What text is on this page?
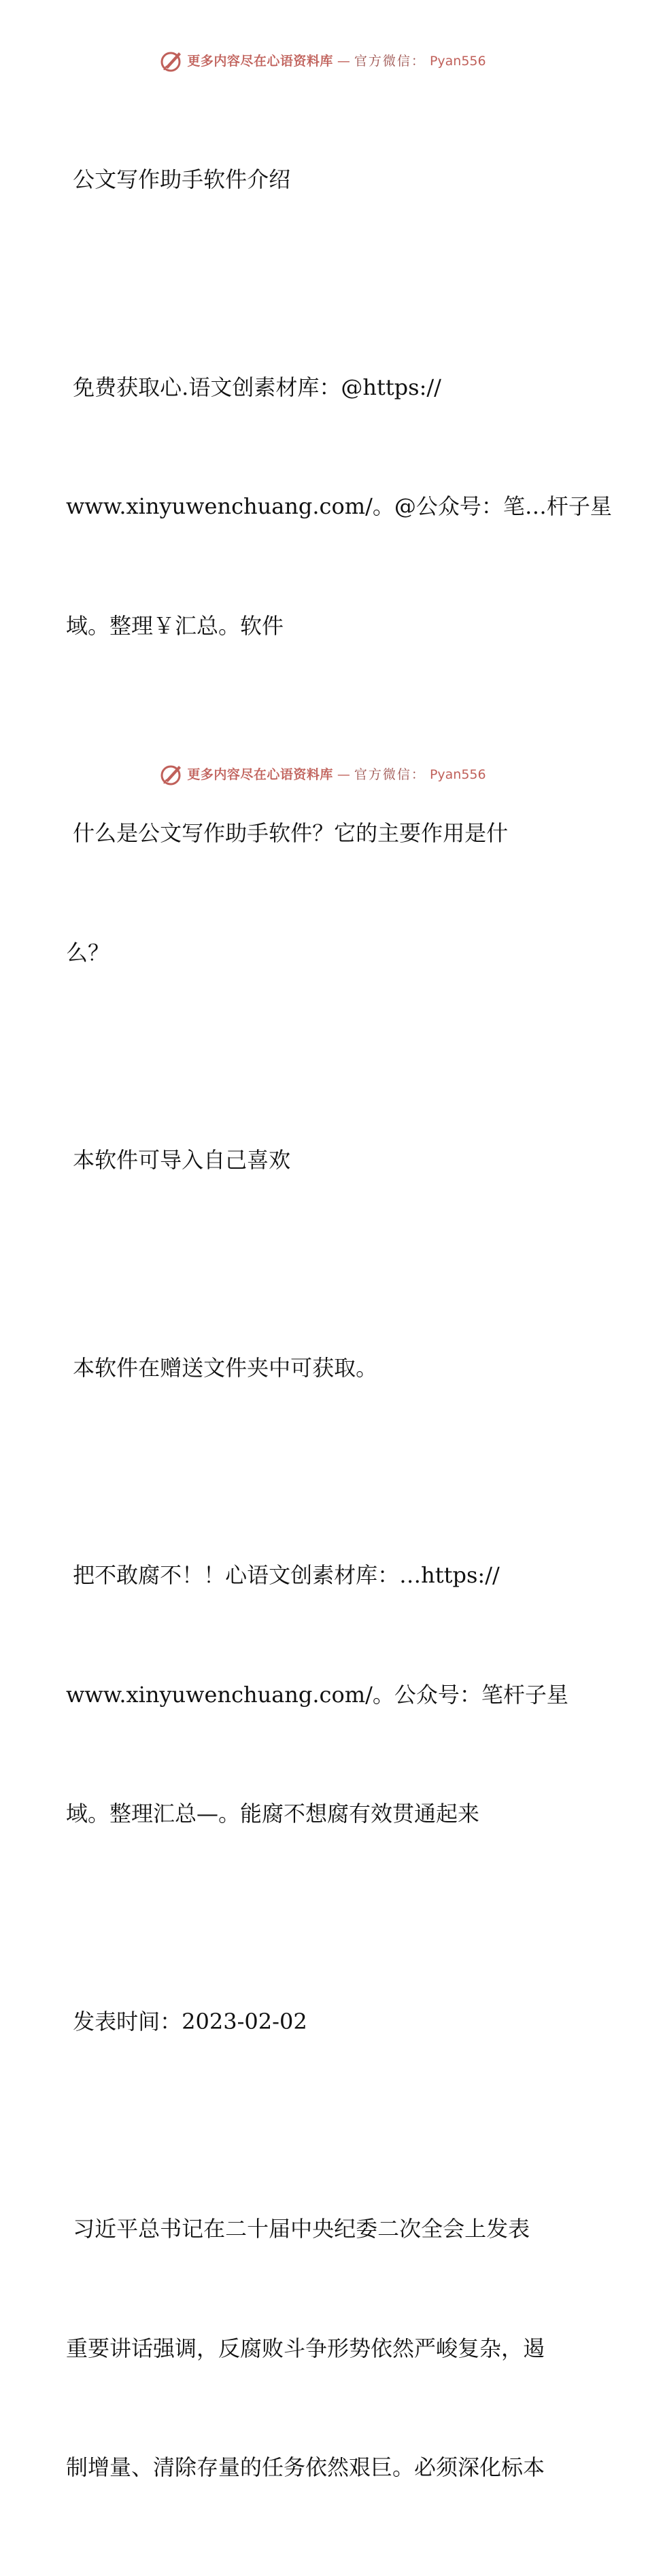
更多内容尽在心语资料库 — 官方微信： Pyan556

公文写作助手软件介绍

免费获取心.语文创素材库：@https://

www.xinyuwenchuang.com/。@公众号：笔…杆子星

域。整理￥汇总。软件

什么是公文写作助手软件？它的主要作用是什

么？

本软件可导入自己喜欢

本软件在赠送文件夹中可获取。

把不敢腐不！！心语文创素材库：…https://

www.xinyuwenchuang.com/。公众号：笔杆子星

域。整理汇总—。能腐不想腐有效贯通起来

发表时间：2023-02-02

习近平总书记在二十届中央纪委二次全会上发表

重要讲话强调，反腐败斗争形势依然严峻复杂，遏

制增量、清除存量的任务依然艰巨。必须深化标本

更多内容尽在心语资料库 — 官方微信： Pyan556
